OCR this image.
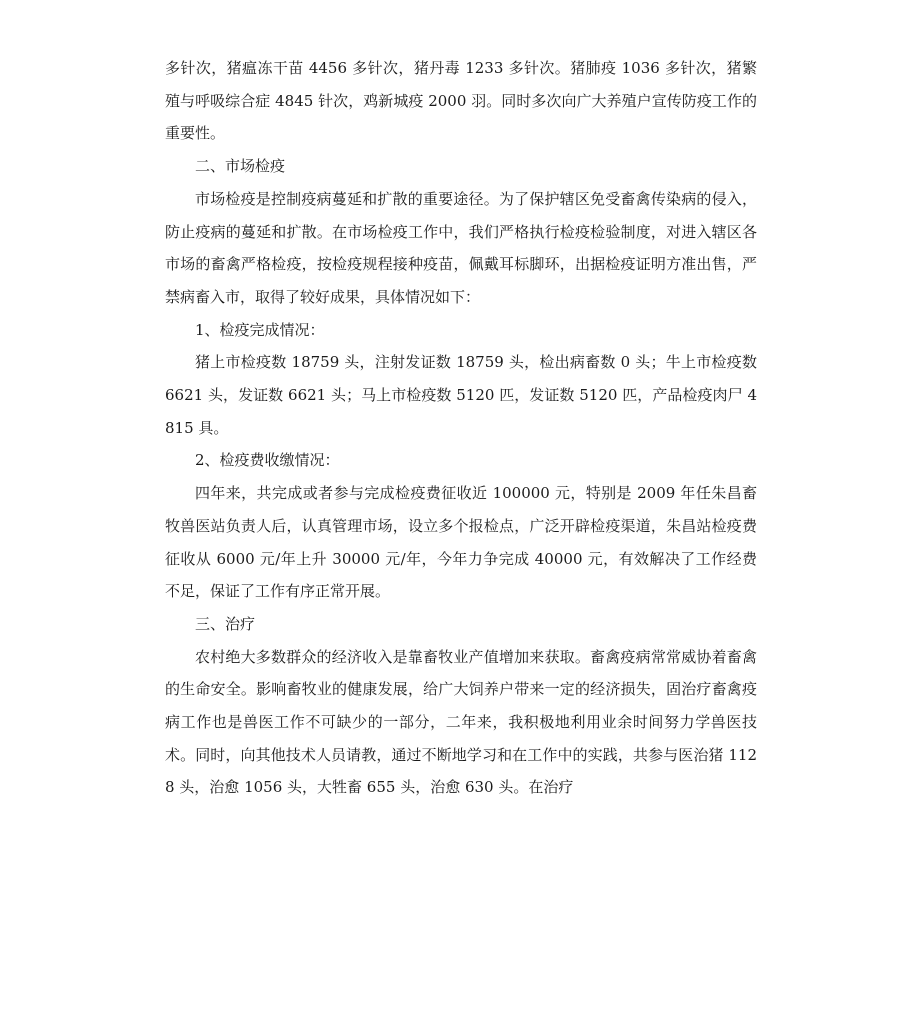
多针次，猪瘟冻干苗 4456 多针次，猪丹毒 1233 多针次。猪肺疫 1036 多针次，猪繁殖与呼吸综合症 4845 针次，鸡新城疫 2000 羽。同时多次向广大养殖户宣传防疫工作的重要性。

二、市场检疫

市场检疫是控制疫病蔓延和扩散的重要途径。为了保护辖区免受畜禽传染病的侵入，防止疫病的蔓延和扩散。在市场检疫工作中，我们严格执行检疫检验制度，对进入辖区各市场的畜禽严格检疫，按检疫规程接种疫苗，佩戴耳标脚环，出据检疫证明方准出售，严禁病畜入市，取得了较好成果，具体情况如下：

1、检疫完成情况：

猪上市检疫数 18759 头，注射发证数 18759 头，检出病畜数 0 头；牛上市检疫数 6621 头，发证数 6621 头；马上市检疫数 5120 匹，发证数 5120 匹，产品检疫肉尸 4815 具。

2、检疫费收缴情况：

四年来，共完成或者参与完成检疫费征收近 100000 元，特别是 2009 年任朱昌畜牧兽医站负责人后，认真管理市场，设立多个报检点，广泛开辟检疫渠道，朱昌站检疫费征收从 6000 元/年上升 30000 元/年，今年力争完成 40000 元，有效解决了工作经费不足，保证了工作有序正常开展。

三、治疗

农村绝大多数群众的经济收入是靠畜牧业产值增加来获取。畜禽疫病常常威协着畜禽的生命安全。影响畜牧业的健康发展，给广大饲养户带来一定的经济损失，固治疗畜禽疫病工作也是兽医工作不可缺少的一部分，二年来，我积极地利用业余时间努力学兽医技术。同时，向其他技术人员请教，通过不断地学习和在工作中的实践，共参与医治猪 1128 头，治愈 1056 头，大牲畜 655 头，治愈 630 头。在治疗
